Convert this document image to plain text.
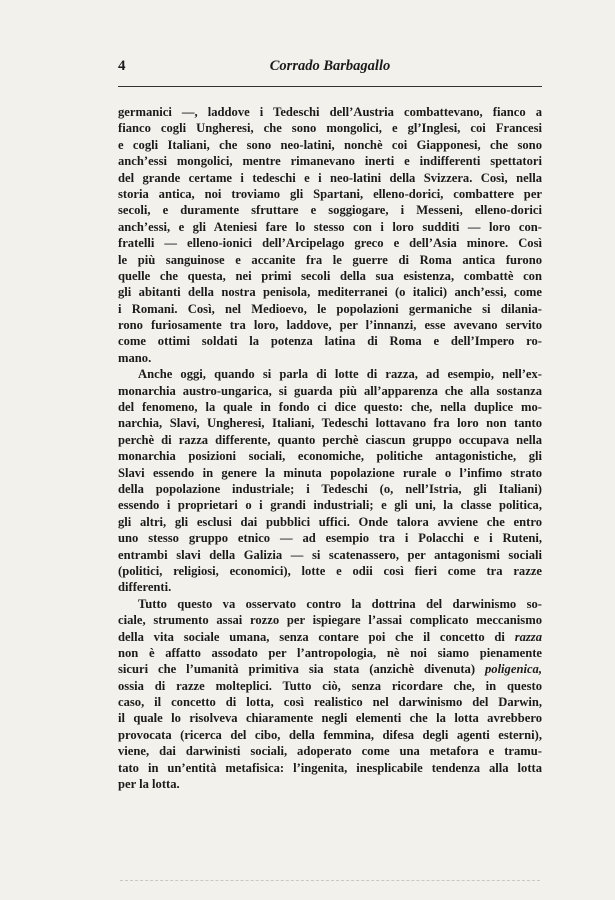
4	Corrado Barbagallo
germanici —, laddove i Tedeschi dell’Austria combattevano, fianco a
fianco cogli Ungheresi, che sono mongolici, e gl’Inglesi, coi Francesi
e cogli Italiani, che sono neo-latini, nonchè coi Giapponesi, che sono
anch’essi mongolici, mentre rimanevano inerti e indifferenti spettatori
del grande certame i tedeschi e i neo-latini della Svizzera. Così, nella
storia antica, noi troviamo gli Spartani, elleno-dorici, combattere per
secoli, e duramente sfruttare e soggiogare, i Messeni, elleno-dorici
anch’essi, e gli Ateniesi fare lo stesso con i loro sudditi — loro con-
fratelli — elleno-ionici dell’Arcipelago greco e dell’Asia minore. Così
le più sanguinose e accanite fra le guerre di Roma antica furono
quelle che questa, nei primi secoli della sua esistenza, combattè con
gli abitanti della nostra penisola, mediterranei (o italici) anch’essi, come
i Romani. Così, nel Medioevo, le popolazioni germaniche si dilania-
rono furiosamente tra loro, laddove, per l’innanzi, esse avevano servito
come ottimi soldati la potenza latina di Roma e dell’Impero ro-
mano.
Anche oggi, quando si parla di lotte di razza, ad esempio, nell’ex-
monarchia austro-ungarica, si guarda più all’apparenza che alla sostanza
del fenomeno, la quale in fondo ci dice questo: che, nella duplice mo-
narchia, Slavi, Ungheresi, Italiani, Tedeschi lottavano fra loro non tanto
perchè di razza differente, quanto perchè ciascun gruppo occupava nella
monarchia posizioni sociali, economiche, politiche antagonistiche, gli
Slavi essendo in genere la minuta popolazione rurale o l’infimo strato
della popolazione industriale; i Tedeschi (o, nell’Istria, gli Italiani)
essendo i proprietari o i grandi industriali; e gli uni, la classe politica,
gli altri, gli esclusi dai pubblici uffici. Onde talora avviene che entro
uno stesso gruppo etnico — ad esempio tra i Polacchi e i Ruteni,
entrambi slavi della Galizia — si scatenassero, per antagonismi sociali
(politici, religiosi, economici), lotte e odii così fieri come tra razze
differenti.
Tutto questo va osservato contro la dottrina del darwinismo so-
ciale, strumento assai rozzo per ispiegare l’assai complicato meccanismo
della vita sociale umana, senza contare poi che il concetto di razza
non è affatto assodato per l’antropologia, nè noi siamo pienamente
sicuri che l’umanità primitiva sia stata (anzichè divenuta) poligenica,
ossia di razze molteplici. Tutto ciò, senza ricordare che, in questo
caso, il concetto di lotta, così realistico nel darwinismo del Darwin,
il quale lo risolveva chiaramente negli elementi che la lotta avrebbero
provocata (ricerca del cibo, della femmina, difesa degli agenti esterni),
viene, dai darwinisti sociali, adoperato come una metafora e tramu-
tato in un’entità metafisica: l’ingenita, inesplicabile tendenza alla lotta
per la lotta.
